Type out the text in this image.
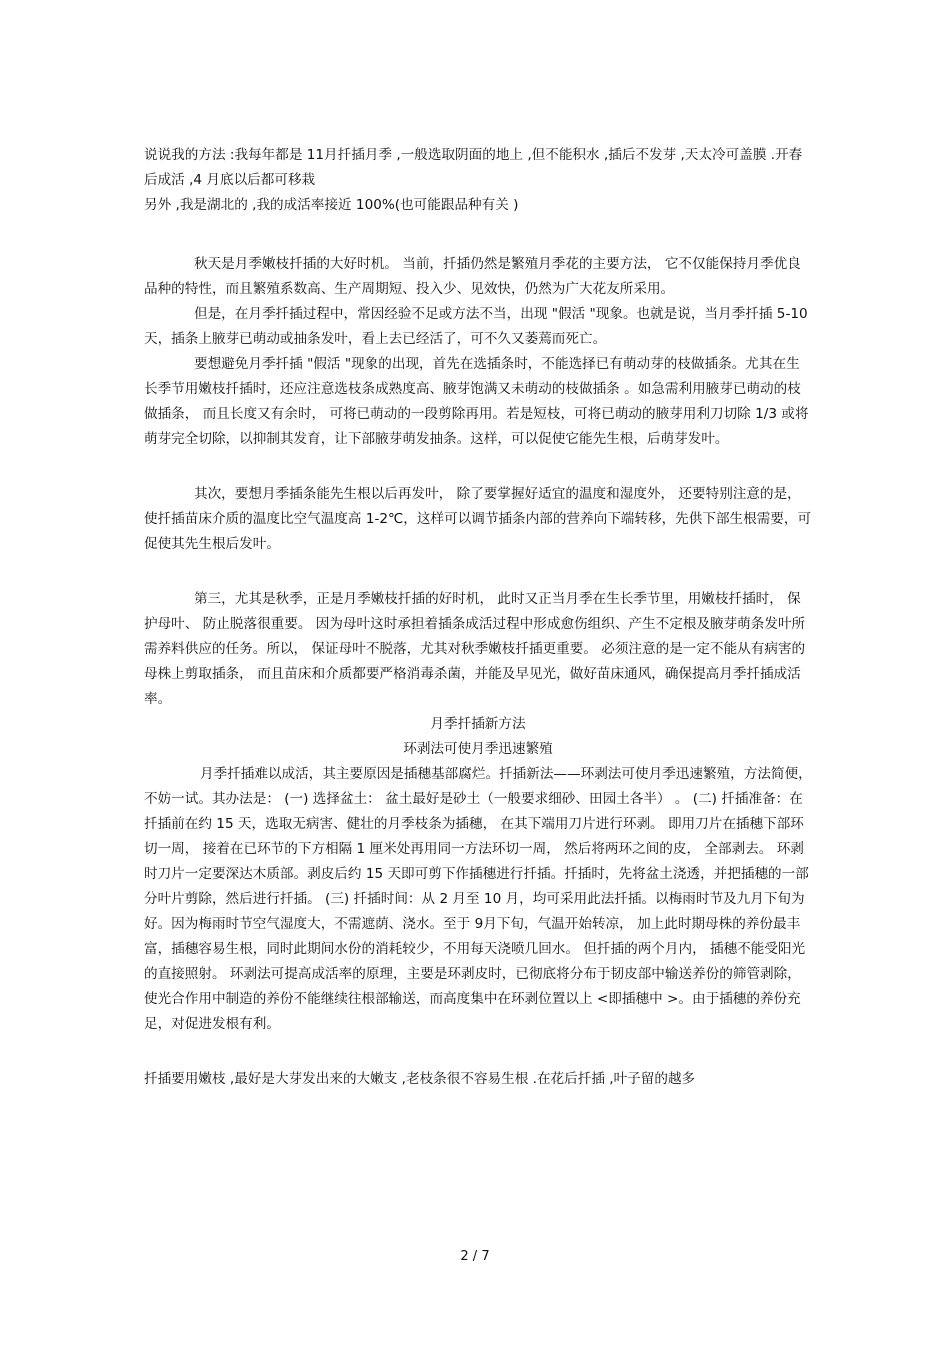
说说我的方法 :我每年都是 11月扦插月季 ,一般选取阴面的地上 ,但不能积水 ,插后不发芽 ,天太冷可盖膜 .开春后成活 ,4 月底以后都可移栽

另外 ,我是湖北的 ,我的成活率接近 100%(也可能跟品种有关 )

秋天是月季嫩枝扦插的大好时机。 当前，扦插仍然是繁殖月季花的主要方法， 它不仅能保持月季优良品种的特性，而且繁殖系数高、生产周期短、投入少、见效快，仍然为广大花友所采用。

但是，在月季扦插过程中，常因经验不足或方法不当，出现 "假活 "现象。也就是说，当月季扦插 5-10 天，插条上腋芽已萌动或抽条发叶，看上去已经活了，可不久又萎蔫而死亡。

要想避免月季扦插 "假活 "现象的出现，首先在选插条时，不能选择已有萌动芽的枝做插条。尤其在生长季节用嫩枝扦插时，还应注意选枝条成熟度高、腋芽饱满又未萌动的枝做插条 。如急需利用腋芽已萌动的枝做插条， 而且长度又有余时， 可将已萌动的一段剪除再用。若是短枝，可将已萌动的腋芽用利刀切除 1/3 或将萌芽完全切除，以抑制其发育，让下部腋芽萌发抽条。这样，可以促使它能先生根，后萌芽发叶。

其次，要想月季插条能先生根以后再发叶， 除了要掌握好适宜的温度和湿度外， 还要特别注意的是，使扦插苗床介质的温度比空气温度高 1-2℃，这样可以调节插条内部的营养向下端转移，先供下部生根需要，可促使其先生根后发叶。

第三，尤其是秋季，正是月季嫩枝扦插的好时机， 此时又正当月季在生长季节里，用嫩枝扦插时， 保护母叶、 防止脱落很重要。 因为母叶这时承担着插条成活过程中形成愈伤组织、产生不定根及腋芽萌条发叶所需养料供应的任务。所以， 保证母叶不脱落，尤其对秋季嫩枝扦插更重要。 必须注意的是一定不能从有病害的母株上剪取插条， 而且苗床和介质都要严格消毒杀菌，并能及早见光，做好苗床通风，确保提高月季扦插成活率。

月季扦插新方法

环剥法可使月季迅速繁殖

月季扦插难以成活，其主要原因是插穗基部腐烂。扦插新法——环剥法可使月季迅速繁殖，方法简便，不妨一试。其办法是： (一) 选择盆土： 盆土最好是砂土（一般要求细砂、田园土各半） 。 (二) 扦插准备：在扦插前在约 15 天，选取无病害、健壮的月季枝条为插穗， 在其下端用刀片进行环剥。 即用刀片在插穗下部环切一周， 接着在已环节的下方相隔 1 厘米处再用同一方法环切一周， 然后将两环之间的皮， 全部剥去。 环剥时刀片一定要深达木质部。剥皮后约 15 天即可剪下作插穗进行扦插。扦插时，先将盆土浇透，并把插穗的一部分叶片剪除，然后进行扦插。 (三) 扦插时间：从 2 月至 10 月，均可采用此法扦插。以梅雨时节及九月下旬为好。因为梅雨时节空气湿度大，不需遮荫、浇水。至于 9月下旬，气温开始转凉， 加上此时期母株的养份最丰富，插穗容易生根，同时此期间水份的消耗较少，不用每天浇喷几回水。 但扦插的两个月内， 插穗不能受阳光的直接照射。 环剥法可提高成活率的原理，主要是环剥皮时，已彻底将分布于韧皮部中输送养份的筛管剥除，使光合作用中制造的养份不能继续往根部输送，而高度集中在环剥位置以上 <即插穗中 >。由于插穗的养份充足，对促进发根有利。

扦插要用嫩枝 ,最好是大芽发出来的大嫩支 ,老枝条很不容易生根 .在花后扦插 ,叶子留的越多

2 / 7
